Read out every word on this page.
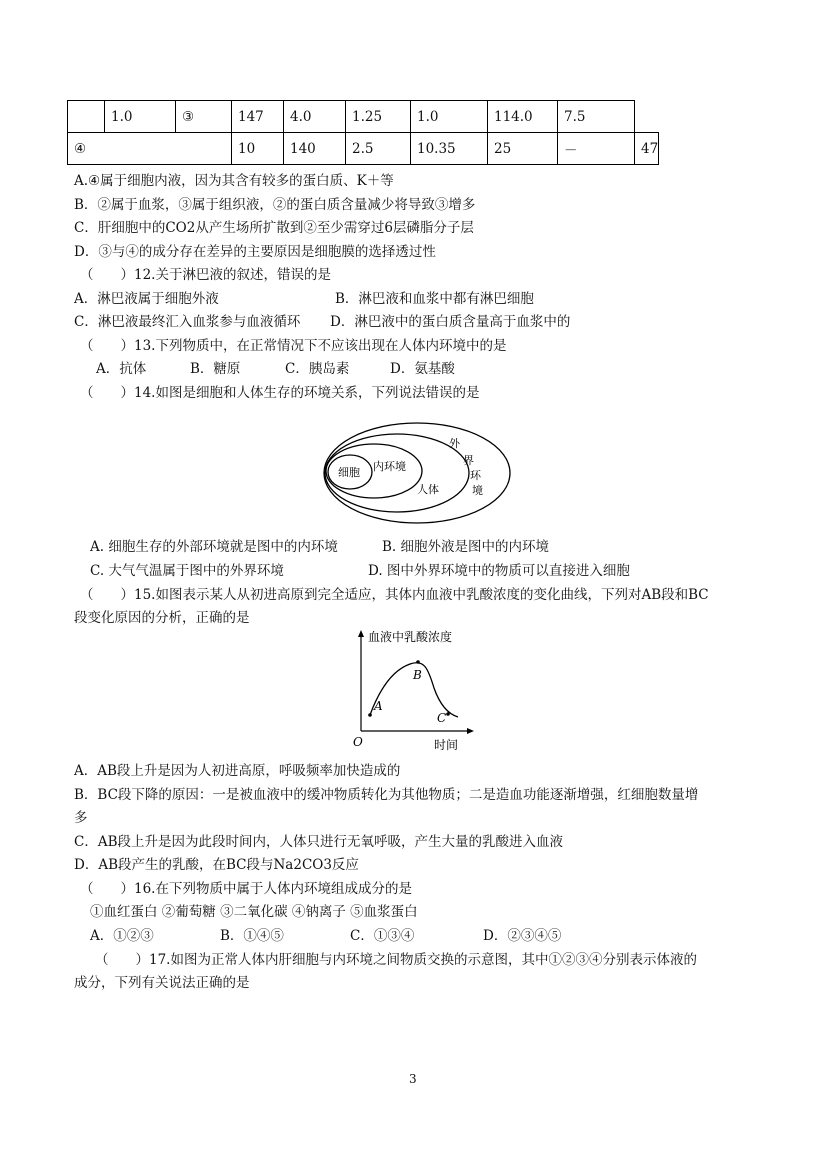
	1.0	③	147	4.0	1.25	1.0	114.0	7.5	
④			10	140	2.5	10.35	25	－	47
A.④属于细胞内液，因为其含有较多的蛋白质、K＋等
B．②属于血浆，③属于组织液，②的蛋白质含量减少将导致③增多
C．肝细胞中的CO2从产生场所扩散到②至少需穿过6层磷脂分子层
D．③与④的成分存在差异的主要原因是细胞膜的选择透过性
（　　）12.关于淋巴液的叙述，错误的是
A．淋巴液属于细胞外液	B．淋巴液和血浆中都有淋巴细胞
C．淋巴液最终汇入血浆参与血液循环 D．淋巴液中的蛋白质含量高于血浆中的
（　　）13.下列物质中，在正常情况下不应该出现在人体内环境中的是
A．抗体	B．糖原	C．胰岛素	D．氨基酸
（　　）14.如图是细胞和人体生存的环境关系，下列说法错误的是
细胞 内环境
人体
外
界
环
境
A. 细胞生存的外部环境就是图中的内环境	B. 细胞外液是图中的内环境
C. 大气气温属于图中的外界环境	D. 图中外界环境中的物质可以直接进入细胞
（　　）15.如图表示某人从初进高原到完全适应，其体内血液中乳酸浓度的变化曲线，下列对AB段和BC
段变化原因的分析，正确的是
血液中乳酸浓度
时间
O
A
B
C
A．AB段上升是因为人初进高原，呼吸频率加快造成的
B．BC段下降的原因：一是被血液中的缓冲物质转化为其他物质；二是造血功能逐渐增强，红细胞数量增
多
C．AB段上升是因为此段时间内，人体只进行无氧呼吸，产生大量的乳酸进入血液
D．AB段产生的乳酸，在BC段与Na2CO3反应
（　　）16.在下列物质中属于人体内环境组成成分的是
①血红蛋白 ②葡萄糖 ③二氧化碳 ④钠离子 ⑤血浆蛋白
A．①②③	B．①④⑤	C．①③④	D．②③④⑤
（　　）17.如图为正常人体内肝细胞与内环境之间物质交换的示意图，其中①②③④分别表示体液的
成分，下列有关说法正确的是
3
